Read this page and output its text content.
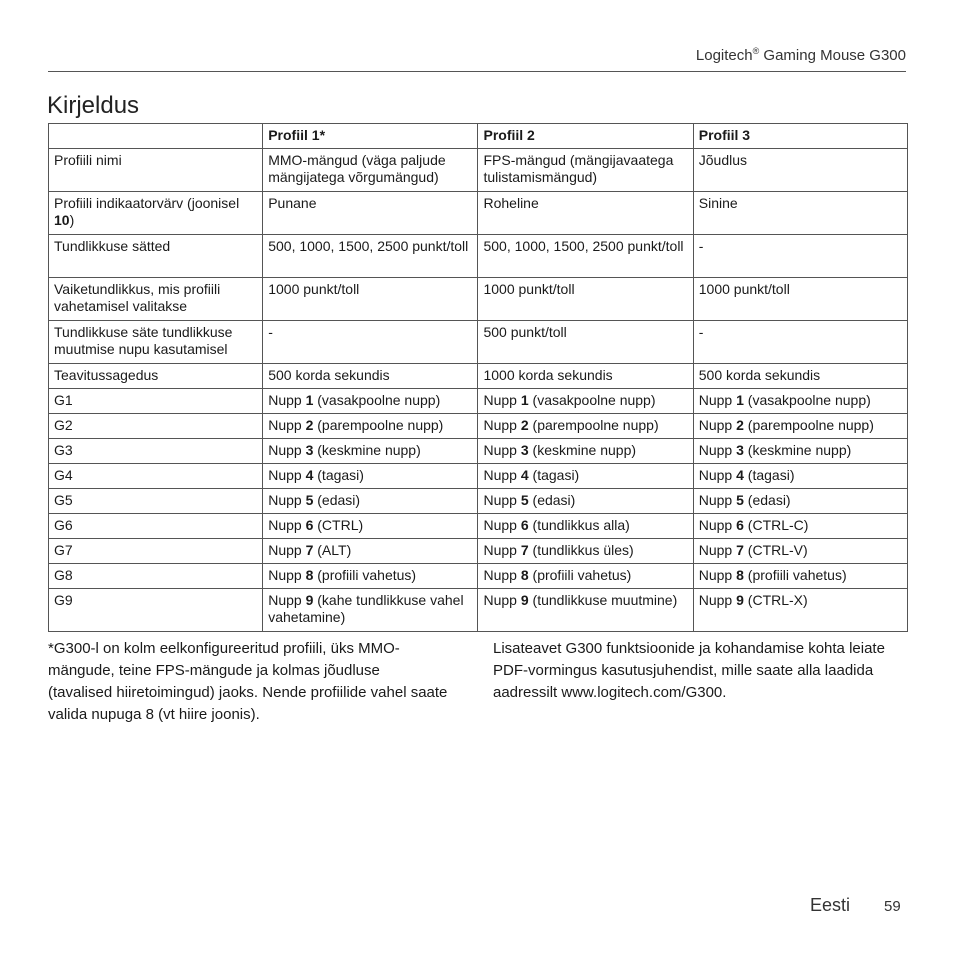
Logitech® Gaming Mouse G300
Kirjeldus
	Profiil 1*	Profiil 2	Profiil 3
Profiili nimi	MMO-mängud (väga paljude mängijatega võrgumängud)	FPS-mängud (mängijavaatega tulistamismängud)	Jõudlus
Profiili indikaatorvärv (joonisel 10)	Punane	Roheline	Sinine
Tundlikkuse sätted	500, 1000, 1500, 2500 punkt/toll	500, 1000, 1500, 2500 punkt/toll	-
Vaiketundlikkus, mis profiili vahetamisel valitakse	1000 punkt/toll	1000 punkt/toll	1000 punkt/toll
Tundlikkuse säte tundlikkuse muutmise nupu kasutamisel	-	500 punkt/toll	-
Teavitussagedus	500 korda sekundis	1000 korda sekundis	500 korda sekundis
G1	Nupp 1 (vasakpoolne nupp)	Nupp 1 (vasakpoolne nupp)	Nupp 1 (vasakpoolne nupp)
G2	Nupp 2 (parempoolne nupp)	Nupp 2 (parempoolne nupp)	Nupp 2 (parempoolne nupp)
G3	Nupp 3 (keskmine nupp)	Nupp 3 (keskmine nupp)	Nupp 3 (keskmine nupp)
G4	Nupp 4 (tagasi)	Nupp 4 (tagasi)	Nupp 4 (tagasi)
G5	Nupp 5 (edasi)	Nupp 5 (edasi)	Nupp 5 (edasi)
G6	Nupp 6 (CTRL)	Nupp 6 (tundlikkus alla)	Nupp 6 (CTRL-C)
G7	Nupp 7 (ALT)	Nupp 7 (tundlikkus üles)	Nupp 7 (CTRL-V)
G8	Nupp 8 (profiili vahetus)	Nupp 8 (profiili vahetus)	Nupp 8 (profiili vahetus)
G9	Nupp 9 (kahe tundlikkuse vahel vahetamine)	Nupp 9 (tundlikkuse muutmine)	Nupp 9 (CTRL-X)
*G300-l on kolm eelkonfigureeritud profiili, üks MMO-mängude, teine FPS-mängude ja kolmas jõudluse (tavalised hiiretoimingud) jaoks. Nende profiilide vahel saate valida nupuga 8 (vt hiire joonis).
Lisateavet G300 funktsioonide ja kohandamise kohta leiate PDF-vormingus kasutusjuhendist, mille saate alla laadida aadressilt www.logitech.com/G300.
Eesti 59
